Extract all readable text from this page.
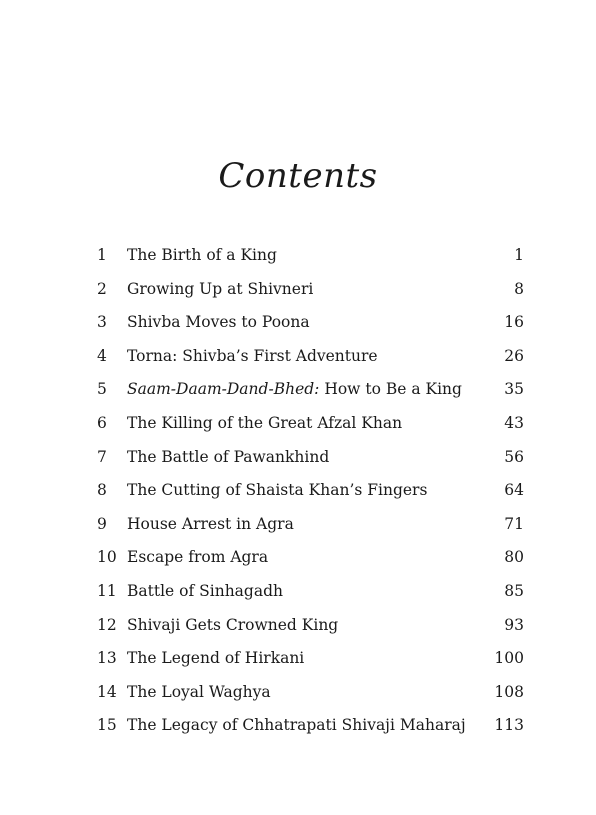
Contents
1	The Birth of a King	1
2	Growing Up at Shivneri	8
3	Shivba Moves to Poona	16
4	Torna: Shivba’s First Adventure	26
5	Saam-Daam-Dand-Bhed: How to Be a King	35
6	The Killing of the Great Afzal Khan	43
7	The Battle of Pawankhind	56
8	The Cutting of Shaista Khan’s Fingers	64
9	House Arrest in Agra	71
10 Escape from Agra	80
11 Battle of Sinhagadh	85
12 Shivaji Gets Crowned King	93
13 The Legend of Hirkani	100
14 The Loyal Waghya	108
15 The Legacy of Chhatrapati Shivaji Maharaj 113
